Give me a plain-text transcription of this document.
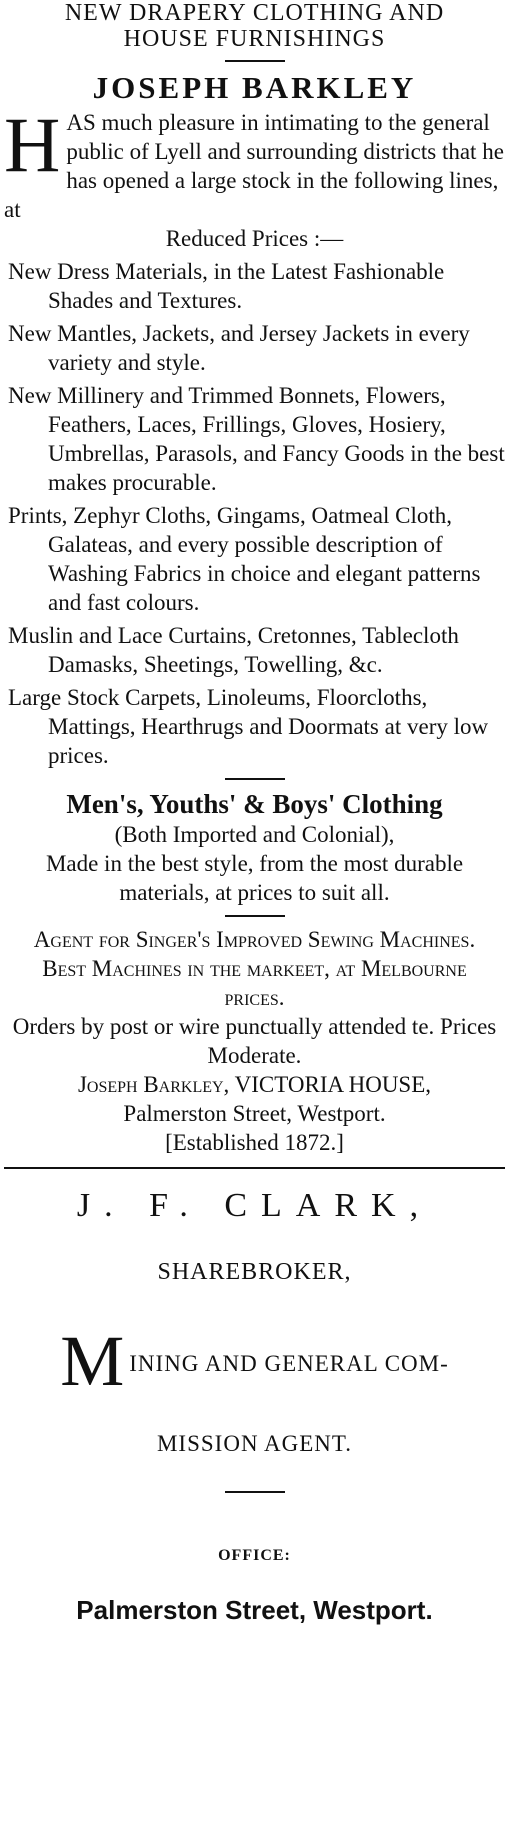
NEW DRAPERY CLOTHING AND
HOUSE FURNISHINGS
JOSEPH BARKLEY
HAS much pleasure in intimating to the general public of Lyell and surrounding districts that he has opened a large stock in the following lines, at
Reduced Prices :—
New Dress Materials, in the Latest Fashionable Shades and Textures.
New Mantles, Jackets, and Jersey Jackets in every variety and style.
New Millinery and Trimmed Bonnets, Flowers, Feathers, Laces, Frillings, Gloves, Hosiery, Umbrellas, Parasols, and Fancy Goods in the best makes procurable.
Prints, Zephyr Cloths, Gingams, Oatmeal Cloth, Galateas, and every possible description of Washing Fabrics in choice and elegant patterns and fast colours.
Muslin and Lace Curtains, Cretonnes, Tablecloth Damasks, Sheetings, Towelling, &c.
Large Stock Carpets, Linoleums, Floorcloths, Mattings, Hearthrugs and Doormats at very low prices.
Men's, Youths' & Boys' Clothing
(Both Imported and Colonial),
Made in the best style, from the most durable materials, at prices to suit all.
Agent for Singer's Improved Sewing Machines. Best Machines in the markeet, at Melbourne prices.
Orders by post or wire punctually attended te. Prices Moderate.
Joseph Barkley, VICTORIA HOUSE,
Palmerston Street, Westport.
[Established 1872.]
J. F. CLARK,
SHAREBROKER,
MINING AND GENERAL COM-
MISSION AGENT.
OFFICE:
Palmerston Street, Westport.
